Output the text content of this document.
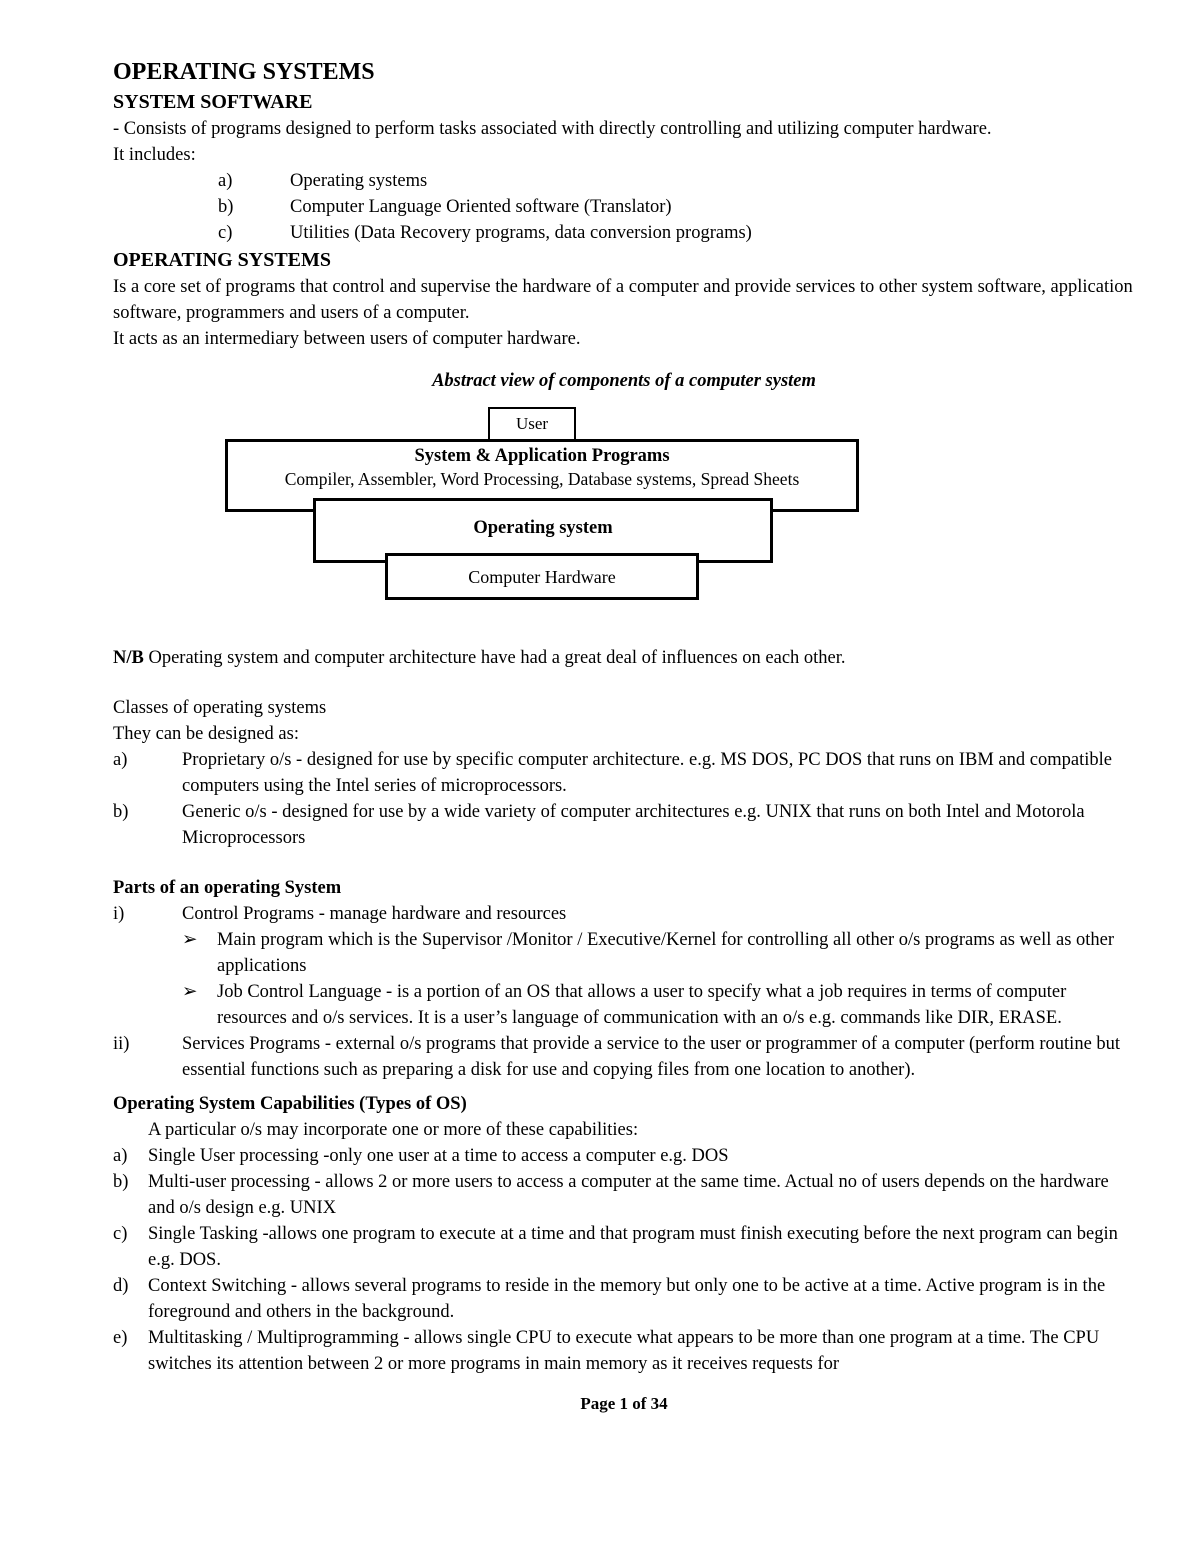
OPERATING SYSTEMS
SYSTEM SOFTWARE
- Consists of programs designed to perform tasks associated with directly controlling and utilizing computer hardware.
It includes:
a)	Operating systems
b)	Computer Language Oriented software (Translator)
c)	Utilities (Data Recovery programs, data conversion programs)
OPERATING SYSTEMS
Is a core set of programs that control and supervise the hardware of a computer and provide services to other system software, application software, programmers and users of a computer.
It acts as an intermediary between users of computer hardware.
Abstract view of components of a computer system
User
System & Application Programs
Compiler, Assembler, Word Processing, Database systems, Spread Sheets
Operating system
Computer Hardware
N/B Operating system and computer architecture have had a great deal of influences on each other.
Classes of operating systems
They can be designed as:
a)	Proprietary o/s - designed for use by specific computer architecture. e.g. MS DOS, PC DOS that runs on IBM and compatible computers using the Intel series of microprocessors.
b)	Generic o/s - designed for use by a wide variety of computer architectures e.g. UNIX that runs on both Intel and Motorola Microprocessors
Parts of an operating System
i)	Control Programs - manage hardware and resources
➢	Main program which is the Supervisor /Monitor / Executive/Kernel for controlling all other o/s programs as well as other applications
➢	Job Control Language - is a portion of an OS that allows a user to specify what a job requires in terms of computer resources and o/s services. It is a user’s language of communication with an o/s e.g. commands like DIR, ERASE.
ii)	Services Programs - external o/s programs that provide a service to the user or programmer of a computer (perform routine but essential functions such as preparing a disk for use and copying files from one location to another).
Operating System Capabilities (Types of OS)
A particular o/s may incorporate one or more of these capabilities:
a)	Single User processing -only one user at a time to access a computer e.g. DOS
b)	Multi-user processing - allows 2 or more users to access a computer at the same time. Actual no of users depends on the hardware and o/s design e.g. UNIX
c)	Single Tasking -allows one program to execute at a time and that program must finish executing before the next program can begin e.g. DOS.
d)	Context Switching - allows several programs to reside in the memory but only one to be active at a time. Active program is in the foreground and others in the background.
e)	Multitasking / Multiprogramming - allows single CPU to execute what appears to be more than one program at a time. The CPU switches its attention between 2 or more programs in main memory as it receives requests for
Page 1 of 34
